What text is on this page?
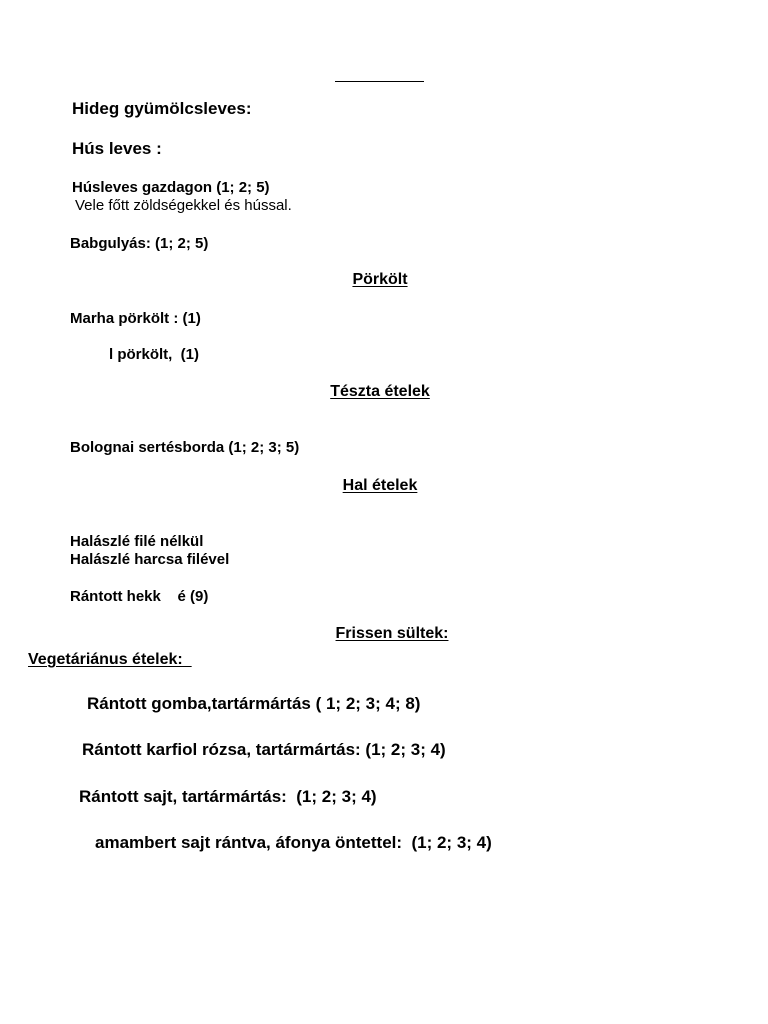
Hideg gyümölcsleves:

Hús leves :

Húsleves gazdagon (1; 2; 5)

Vele főtt zöldségekkel és hússal.

Babgulyás: (1; 2; 5)

Pörkölt

Marha pörkölt : (1)

l pörkölt,  (1)

Tészta ételek

Bolognai sertésborda (1; 2; 3; 5)

Hal ételek

Halászlé filé nélkül

Halászlé harcsa filével

Rántott hekk    é (9)

Frissen sültek:

Vegetáriánus ételek:

Rántott gomba,tartármártás ( 1; 2; 3; 4; 8)

Rántott karfiol rózsa, tartármártás: (1; 2; 3; 4)

Rántott sajt, tartármártás:  (1; 2; 3; 4)

amambert sajt rántva, áfonya öntettel:  (1; 2; 3; 4)
